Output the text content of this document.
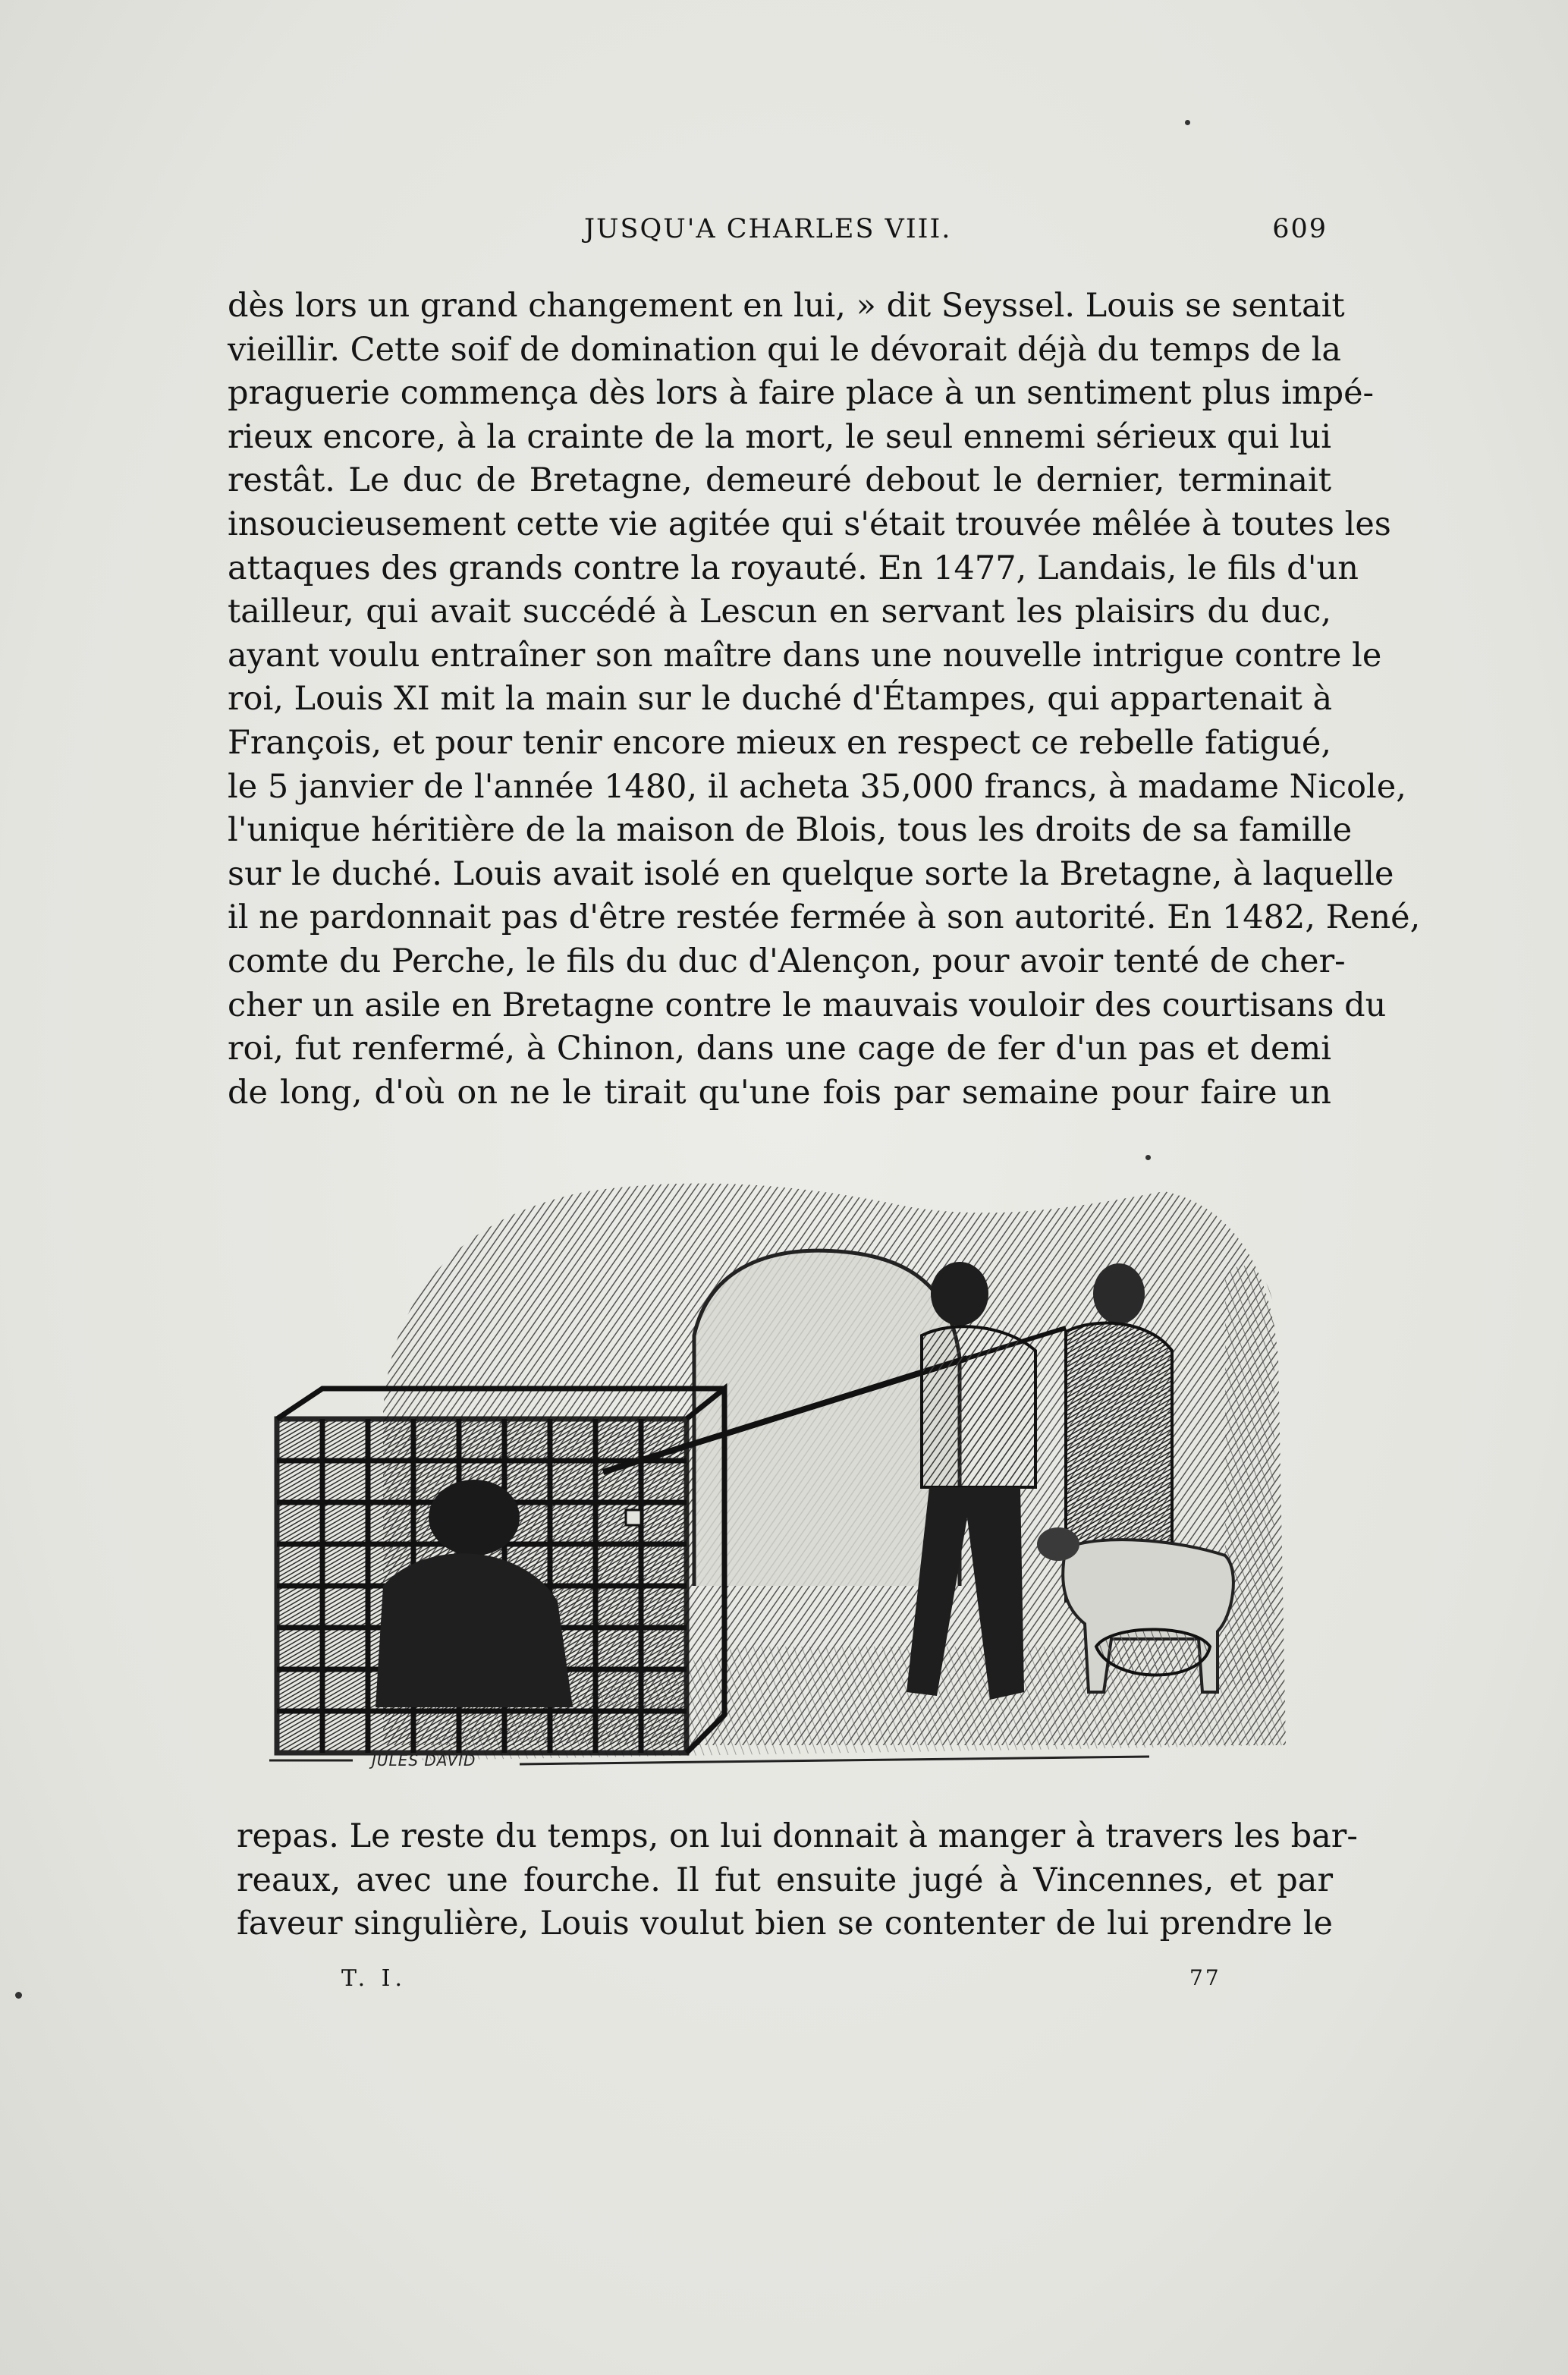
JUSQU'A CHARLES VIII.	609
dès lors un grand changement en lui, » dit Seyssel. Louis se sentait
vieillir. Cette soif de domination qui le dévorait déjà du temps de la
praguerie commença dès lors à faire place à un sentiment plus impé-
rieux encore, à la crainte de la mort, le seul ennemi sérieux qui lui
restât. Le duc de Bretagne, demeuré debout le dernier, terminait
insoucieusement cette vie agitée qui s'était trouvée mêlée à toutes les
attaques des grands contre la royauté. En 1477, Landais, le fils d'un
tailleur, qui avait succédé à Lescun en servant les plaisirs du duc,
ayant voulu entraîner son maître dans une nouvelle intrigue contre le
roi, Louis XI mit la main sur le duché d'Étampes, qui appartenait à
François, et pour tenir encore mieux en respect ce rebelle fatigué,
le 5 janvier de l'année 1480, il acheta 35,000 francs, à madame Nicole,
l'unique héritière de la maison de Blois, tous les droits de sa famille
sur le duché. Louis avait isolé en quelque sorte la Bretagne, à laquelle
il ne pardonnait pas d'être restée fermée à son autorité. En 1482, René,
comte du Perche, le fils du duc d'Alençon, pour avoir tenté de cher-
cher un asile en Bretagne contre le mauvais vouloir des courtisans du
roi, fut renfermé, à Chinon, dans une cage de fer d'un pas et demi
de long, d'où on ne le tirait qu'une fois par semaine pour faire un
JULES DAVID
repas. Le reste du temps, on lui donnait à manger à travers les bar-
reaux, avec une fourche. Il fut ensuite jugé à Vincennes, et par
faveur singulière, Louis voulut bien se contenter de lui prendre le
T. I.	77
